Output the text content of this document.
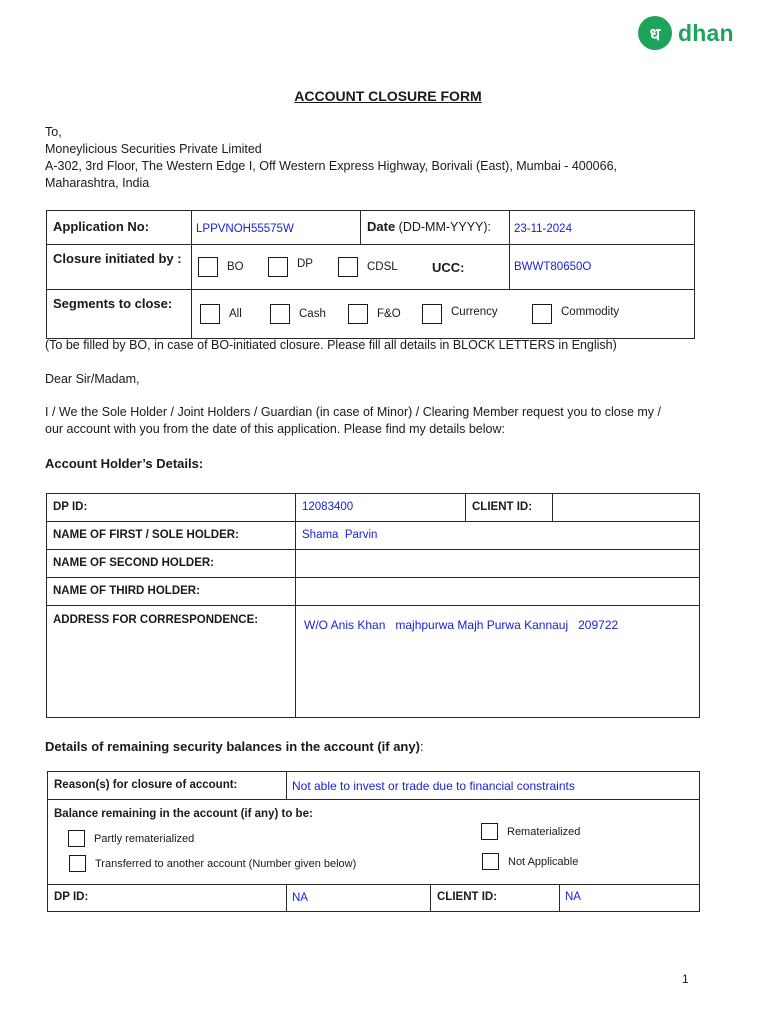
ध dhan
ACCOUNT CLOSURE FORM
To,
Moneylicious Securities Private Limited
A-302, 3rd Floor, The Western Edge I, Off Western Express Highway, Borivali (East), Mumbai - 400066,
Maharashtra, India
Application No:	LPPVNOH55575W	Date (DD-MM-YYYY):	23-11-2024
Closure initiated by :	BO DP CDSL UCC:		BWWT80650O
Segments to close:	All Cash F&O Currency Commodity		
(To be filled by BO, in case of BO-initiated closure. Please fill all details in BLOCK LETTERS in English)
Dear Sir/Madam,
I / We the Sole Holder / Joint Holders / Guardian (in case of Minor) / Clearing Member request you to close my /
our account with you from the date of this application. Please find my details below:
Account Holder’s Details:
DP ID:	12083400	CLIENT ID:	
NAME OF FIRST / SOLE HOLDER:	Shama  Parvin		
NAME OF SECOND HOLDER:			
NAME OF THIRD HOLDER:			
ADDRESS FOR CORRESPONDENCE:	W/O Anis Khan   majhpurwa Majh Purwa Kannauj   209722		
Details of remaining security balances in the account (if any):
Reason(s) for closure of account:	Not able to invest or trade due to financial constraints		

Balance remaining in the account (if any) to be:
Partly rematerialized
Transferred to another account (Number given below)
Rematerialized
Not Applicable			

DP ID:	NA	CLIENT ID:	NA
1
